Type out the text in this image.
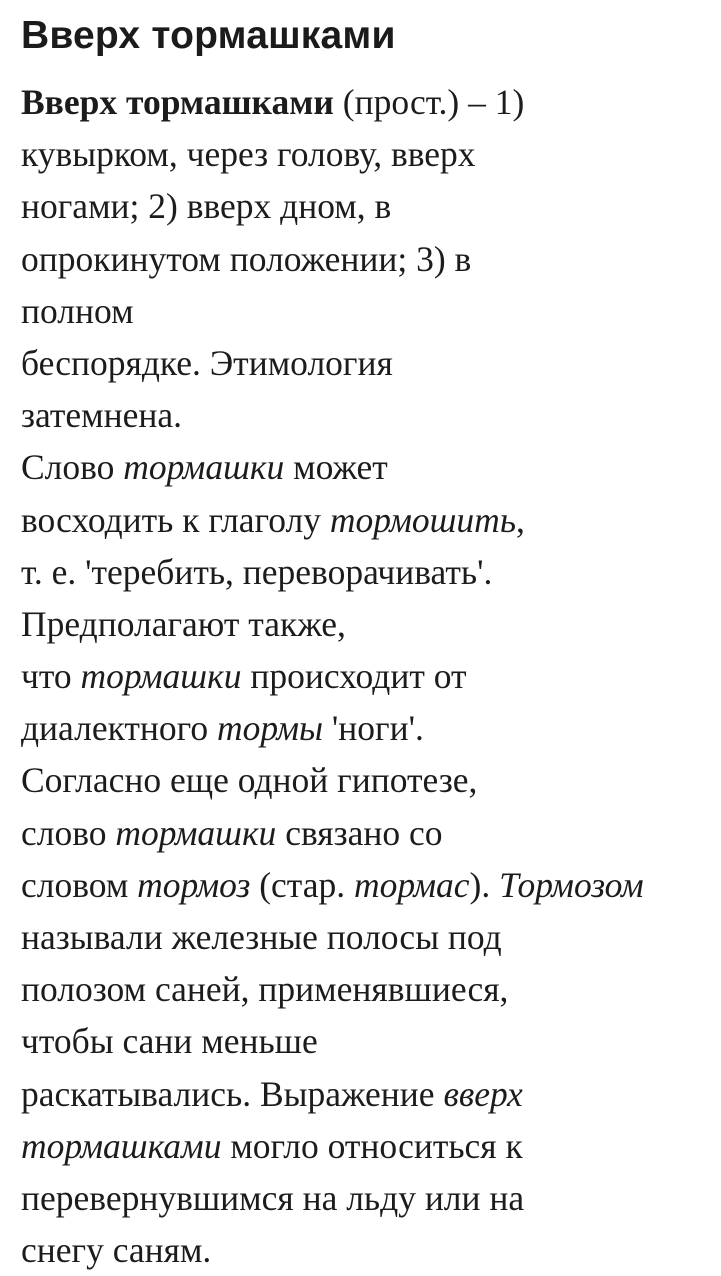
Вверх тормашками
Вверх тормашками (прост.) – 1)
кувырком, через голову, вверх
ногами; 2) вверх дном, в
опрокинутом положении; 3) в
полном
беспорядке. Этимология
затемнена.
Слово тормашки может
восходить к глаголу тормошить,
т. е. 'теребить, переворачивать'.
Предполагают также,
что тормашки происходит от
диалектного тормы 'ноги'.
Согласно еще одной гипотезе,
слово тормашки связано со
словом тормоз (стар. тормас). Тормозом
называли железные полосы под
полозом саней, применявшиеся,
чтобы сани меньше
раскатывались. Выражение вверх
тормашками могло относиться к
перевернувшимся на льду или на
снегу саням.
